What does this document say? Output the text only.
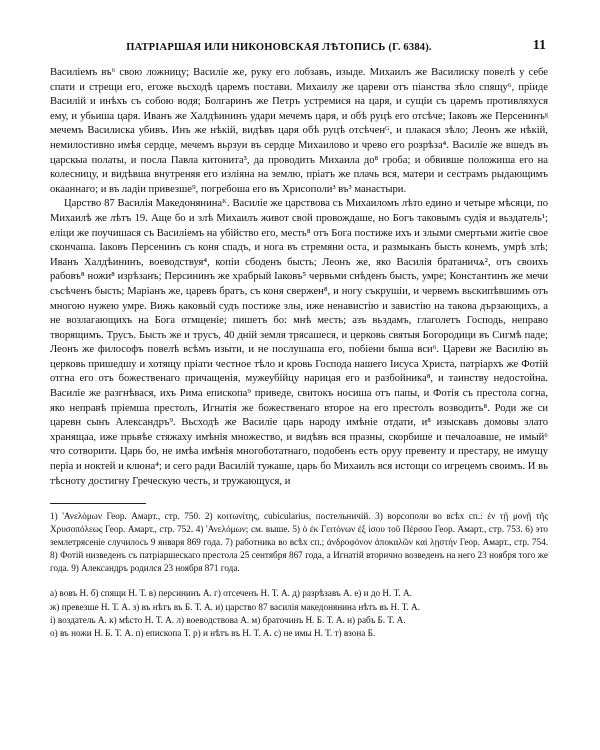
ПАТРІАРШАЯ ИЛИ НИКОНОВСКАЯ ЛѢТОПИСЬ (Г. 6384).	11

Василіемъ въ⁶ свою ложницу; Василіе же, руку его лобзавъ, изыде. Михаилъ же Василиску повелѣ у себе спати и стрещи его, егоже вьсходѣ царемъ постави. Михаилу же цареви отъ піанства зѣло спящу⁶, пріиде Василій и инѣхъ съ собою водя; Болгаринъ же Петръ устремися на царя, и сущіи съ царемъ противляхуся ему, и убьиша царя. Иванъ же Халдѣининъ удари мечемъ царя, и обѣ руцѣ его отсѣче; Іаковъ же Персенинъᵍ мечемъ Василиска убивъ. Инъ же нѣкій, видѣвъ царя обѣ руцѣ отсѣченᴳ, и плакася зѣло; Леонъ же нѣкій, немилостивно имѣя сердце, мечемъ вьрзуи въ сердце Михаилово и чрево его розрѣза⁴. Василіе же вшедъ въ царскыа полаты, и посла Павла китонита³, да проводить Михаила до⁸ гроба; и обвивше положиша его на колесницу, и видѣвша внутреняя его изліяна на землю, пріатъ же плачь вся, матери и сестрамъ рыдающимъ окааннаго; и въ ладіи привезше⁹, погребоша его въ Хрисополи³ въ³ манастыри.

Царство 87 Василія Македонянинаᴷ. Василіе же царствова съ Михаиломъ лѣто едино и четыре мѣсяци, по Михаилѣ же лѣтъ 19. Аще бо и злѣ Михаилъ живот свой провождаше, но Богъ таковымъ судія и вьздатель¹; еліци же поучишася съ Василіемъ на убійство его, месть⁸ отъ Бога постиже ихъ и злыми смертьми житіе свое скончаша. Іаковъ Персенинъ съ коня спадъ, и нога въ стремяни оста, и размыканъ бысть конемъ, умрѣ злѣ; Иванъ Халдѣининъ, воеводствуя⁴, копіи сбоденъ бысть; Леонъ же, яко Василія братаничѧ², отъ своихъ рабовъ⁸ ножи⁸ изрѣзанъ; Персининъ же храбрый Іаковъ⁵ червьми снѣденъ бысть, умре; Константинъ же мечи съсѣченъ бысть; Маріанъ же, царевъ братъ, съ коня свержен⁸, и ногу съкрушіи, и червемъ вьскипѣвшимъ отъ многою нужею умре. Вижь каковый судъ постиже злы, иже ненавистію и завистію на такова дързающихъ, а не возлагающихъ на Бога отмщеніе; пишетъ бо: мнѣ месть; азъ вьздамъ, глаголетъ Господь, неправо творящимъ. Трусъ. Бысть же и трусъ, 40 дній земля трясашеся, и церковь святыя Богородици въ Сигмѣ паде; Леонъ же философъ повелѣ всѣмъ изыти, и не послушаша его, побіени быша вси⁶. Цареви же Василію въ церковь пришедшу и хотящу пріати честное тѣло и кровь Господа нашего Іисуса Христа, патріархъ же Фотій отгна его отъ божественаго причащенія, мужеубійцу нарицая его и разбойника⁸, и таинству недостойна. Василіе же разгнѣвася, ихъ Рима епископа⁹ приведе, свитокъ носиша отъ папы, и Фотія съ престола согна, яко неправѣ пріемша престолъ, Игнатія же божественаго второе на его престолъ возводить⁸. Роди же си царевн сынъ Александръ⁹. Вьсходѣ же Василіе царь народу имѣніе отдати, и⁸ изыскавъ домовы злато хранящаа, иже прьвѣе стяжаху имѣнія множество, и видѣвъ вся празны, скорбише и печалоавше, не имый⁶ что сотворити. Царь бо, не имѣа имѣнія многоботатнаго, подобенъ есть оруу превенту и престару, не имущу періа и ноктей и клюна⁴; и сего ради Василій тужаше, царь бо Михаилъ вся истощи со игрецемъ своимъ. И вь тѣсноту достигну Греческую честь, и тружающуся, и

1) 'Ανελόμων Геор. Амарт., стр. 750. 2) κοιτωνίτης, cubicularius, постельничій. 3) ворсополи во всѣх сп.: ἐν τῇ μονῇ τῆς Χρυσοπόλεως Геор. Амарт., стр. 752. 4) 'Ανελόμων; см. выше. 5) ὁ ἐκ Γειτόνων ἐξ ἰσου τοῦ Πέρσου Геор. Амарт., стр. 753. 6) это землетрясеніе случилось 9 января 869 года. 7) работника во всѣх сп.; ἀνδροφόνον ἀποκαλῶν καὶ λῃστήν Геор. Амарт., стр. 754. 8) Фотій низведенъ съ патріаршескаго престола 25 сентября 867 года, а Игнатій вторично возведенъ на него 23 ноября того же года. 9) Александръ родился 23 ноября 871 года.

а) вовъ Н. б) спящи Н. Т. в) персининъ А. г) отсеченъ Н. Т. А. д) разрѣзавъ А. е) и до Н. Т. А.

ж) превезше Н. Т. А. з) въ нѣтъ въ Б. Т. А. и) царство 87 василія македонянина нѣтъ въ Н. Т. А.

і) воздатель А. к) мѣсто Н. Т. А. л) воеводствова А. м) браточинъ Н. Б. Т. А. н) рабъ Б. Т. А.

о) въ ножи Н. Б. Т. А. п) епископа Т. р) и нѣтъ въ Н. Т. А. с) не имы Н. Т. т) взона Б.
